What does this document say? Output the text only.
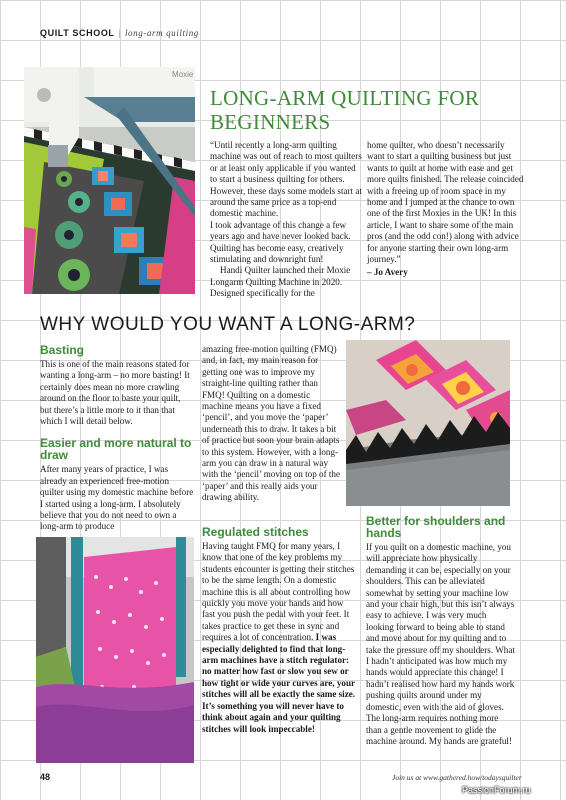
QUILT SCHOOL | long-arm quilting
Moxie
LONG-ARM QUILTING FOR BEGINNERS

“Until recently a long-arm quilting machine was out of reach to most quilters or at least only applicable if you wanted to start a business quilting for others. However, these days some models start at around the same price as a top-end domestic machine.

I took advantage of this change a few years ago and have never looked back. Quilting has become easy, creatively stimulating and downright fun!

Handi Quilter launched their Moxie Longarm Quilting Machine in 2020. Designed specifically for the

home quilter, who doesn’t necessarily want to start a quilting business but just wants to quilt at home with ease and get more quilts finished. The release coincided with a freeing up of room space in my home and I jumped at the chance to own one of the first Moxies in the UK! In this article, I want to share some of the main pros (and the odd con!) along with advice for anyone starting their own long-arm journey.”

– Jo Avery

WHY WOULD YOU WANT A LONG-ARM?
Basting

This is one of the main reasons stated for wanting a long-arm – no more basting! It certainly does mean no more crawling around on the floor to baste your quilt, but there’s a little more to it than that which I will detail below.

Easier and more natural to draw

After many years of practice, I was already an experienced free-motion quilter using my domestic machine before I started using a long-arm. I absolutely believe that you do not need to own a long-arm to produce

amazing free-motion quilting (FMQ) and, in fact, my main reason for getting one was to improve my straight-line quilting rather than FMQ! Quilting on a domestic machine means you have a fixed ‘pencil’, and you move the ‘paper’ underneath this to draw. It takes a bit of practice but soon your brain adapts to this system. However, with a long-arm you can draw in a natural way with the ‘pencil’ moving on top of the ‘paper’ and this really aids your drawing ability.

Regulated stitches

Having taught FMQ for many years, I know that one of the key problems my students encounter is getting their stitches to be the same length. On a domestic machine this is all about controlling how quickly you move your hands and how fast you push the pedal with your feet. It takes practice to get these in sync and requires a lot of concentration. I was especially delighted to find that long-arm machines have a stitch regulator: no matter how fast or slow you sew or how tight or wide your curves are, your stitches will all be exactly the same size. It’s something you will never have to think about again and your quilting stitches will look impeccable!

Better for shoulders and hands

If you quilt on a domestic machine, you will appreciate how physically demanding it can be, especially on your shoulders. This can be alleviated somewhat by setting your machine low and your chair high, but this isn’t always easy to achieve. I was very much looking forward to being able to stand and move about for my quilting and to take the pressure off my shoulders. What I hadn’t anticipated was how much my hands would appreciate this change! I hadn’t realised how hard my hands work pushing quilts around under my domestic, even with the aid of gloves. The long-arm requires nothing more than a gentle movement to glide the machine around. My hands are grateful!

48	Join us at www.gathered.how/todaysquilter
PassionForum.ru
